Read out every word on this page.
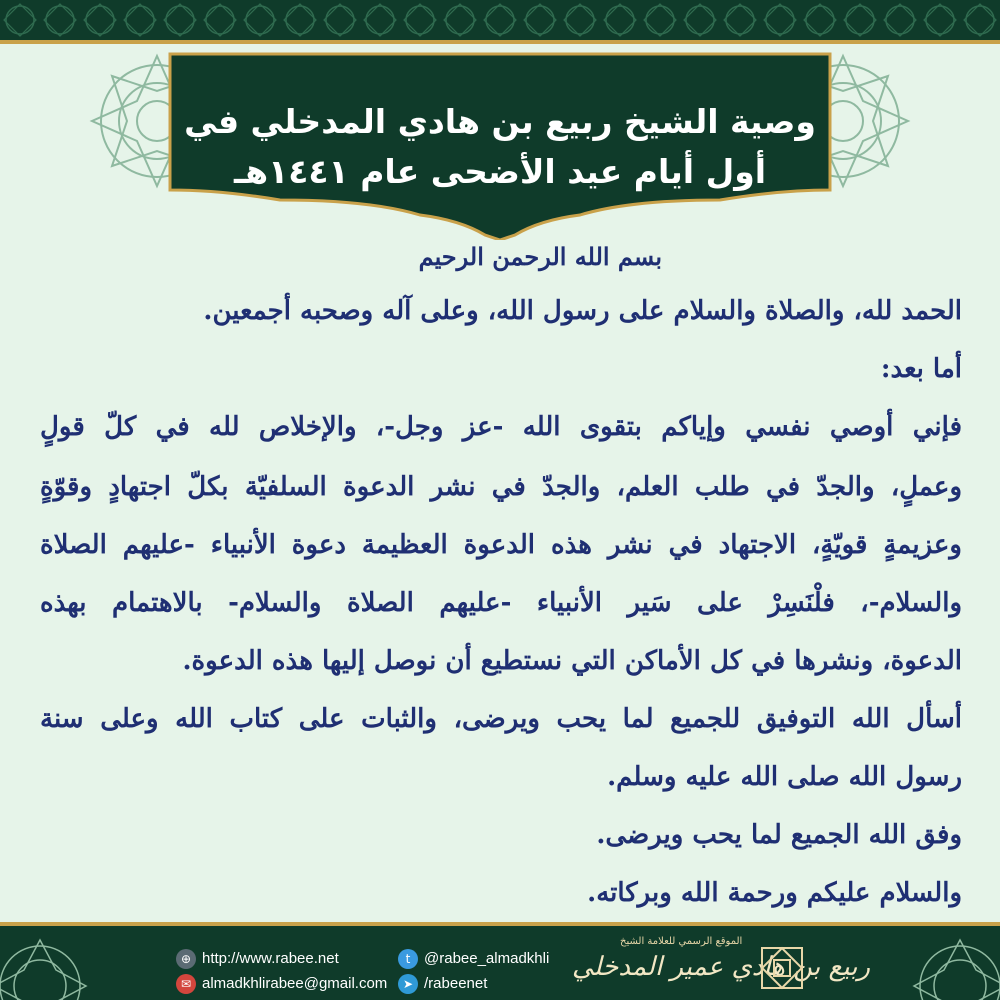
وصية الشيخ ربيع بن هادي المدخلي في
أول أيام عيد الأضحى عام ١٤٤١هـ
بسم الله الرحمن الرحيم
الحمد لله، والصلاة والسلام على رسول الله، وعلى آله وصحبه أجمعين.
أما بعد:
فإني أوصي نفسي وإياكم بتقوى الله -عز وجل-، والإخلاص لله في كلّ قولٍ
وعملٍ، والجدّ في طلب العلم، والجدّ في نشر الدعوة السلفيّة بكلّ اجتهادٍ وقوّةٍ
وعزيمةٍ قويّةٍ، الاجتهاد في نشر هذه الدعوة العظيمة دعوة الأنبياء -عليهم الصلاة
والسلام-، فلْنَسِرْ على سَير الأنبياء -عليهم الصلاة والسلام- بالاهتمام بهذه
الدعوة، ونشرها في كل الأماكن التي نستطيع أن نوصل إليها هذه الدعوة.
أسأل الله التوفيق للجميع لما يحب ويرضى، والثبات على كتاب الله وعلى سنة
رسول الله صلى الله عليه وسلم.
وفق الله الجميع لما يحب ويرضى.
والسلام عليكم ورحمة الله وبركاته.
⊕ http://www.rabee.net
✉ almadkhlirabee@gmail.com
t @rabee_almadkhli
➤ /rabeenet
الموقع الرسمي للعلامة الشيخ
ربيع بن هادي عمير المدخلي
